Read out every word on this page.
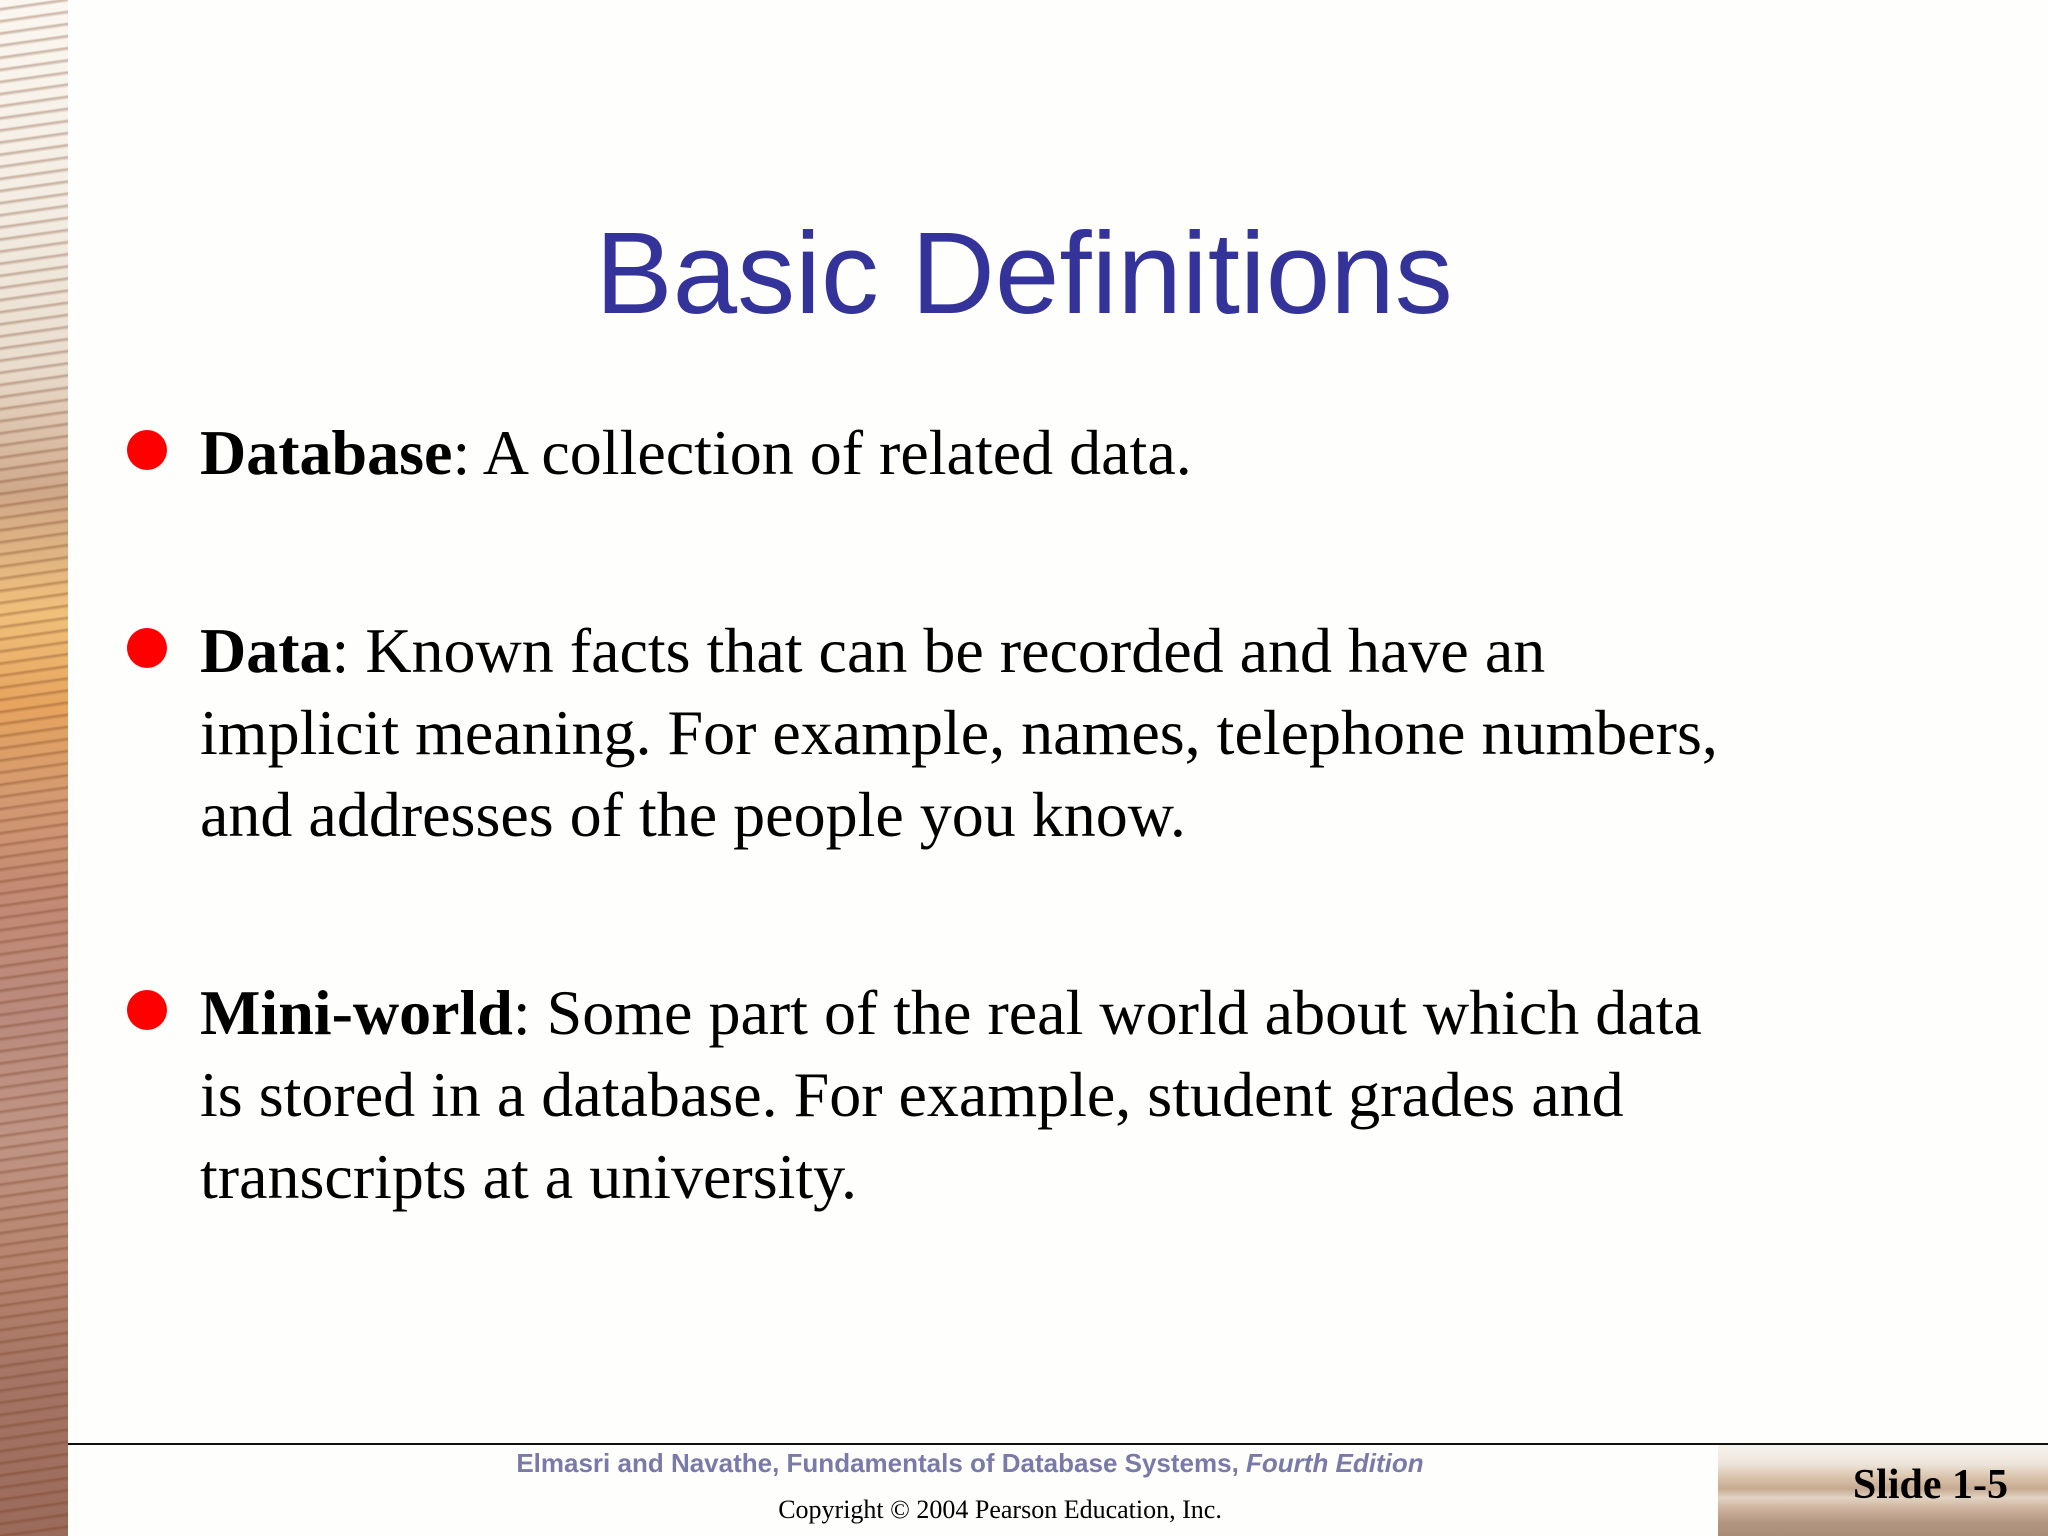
Basic Definitions
Database: A collection of related data.
Data: Known facts that can be recorded and have an implicit meaning. For example, names, telephone numbers, and addresses of the people you know.
Mini-world: Some part of the real world about which data is stored in a database. For example, student grades and transcripts at a university.
Elmasri and Navathe, Fundamentals of Database Systems, Fourth Edition
Copyright © 2004 Pearson Education, Inc.
Slide 1-5
